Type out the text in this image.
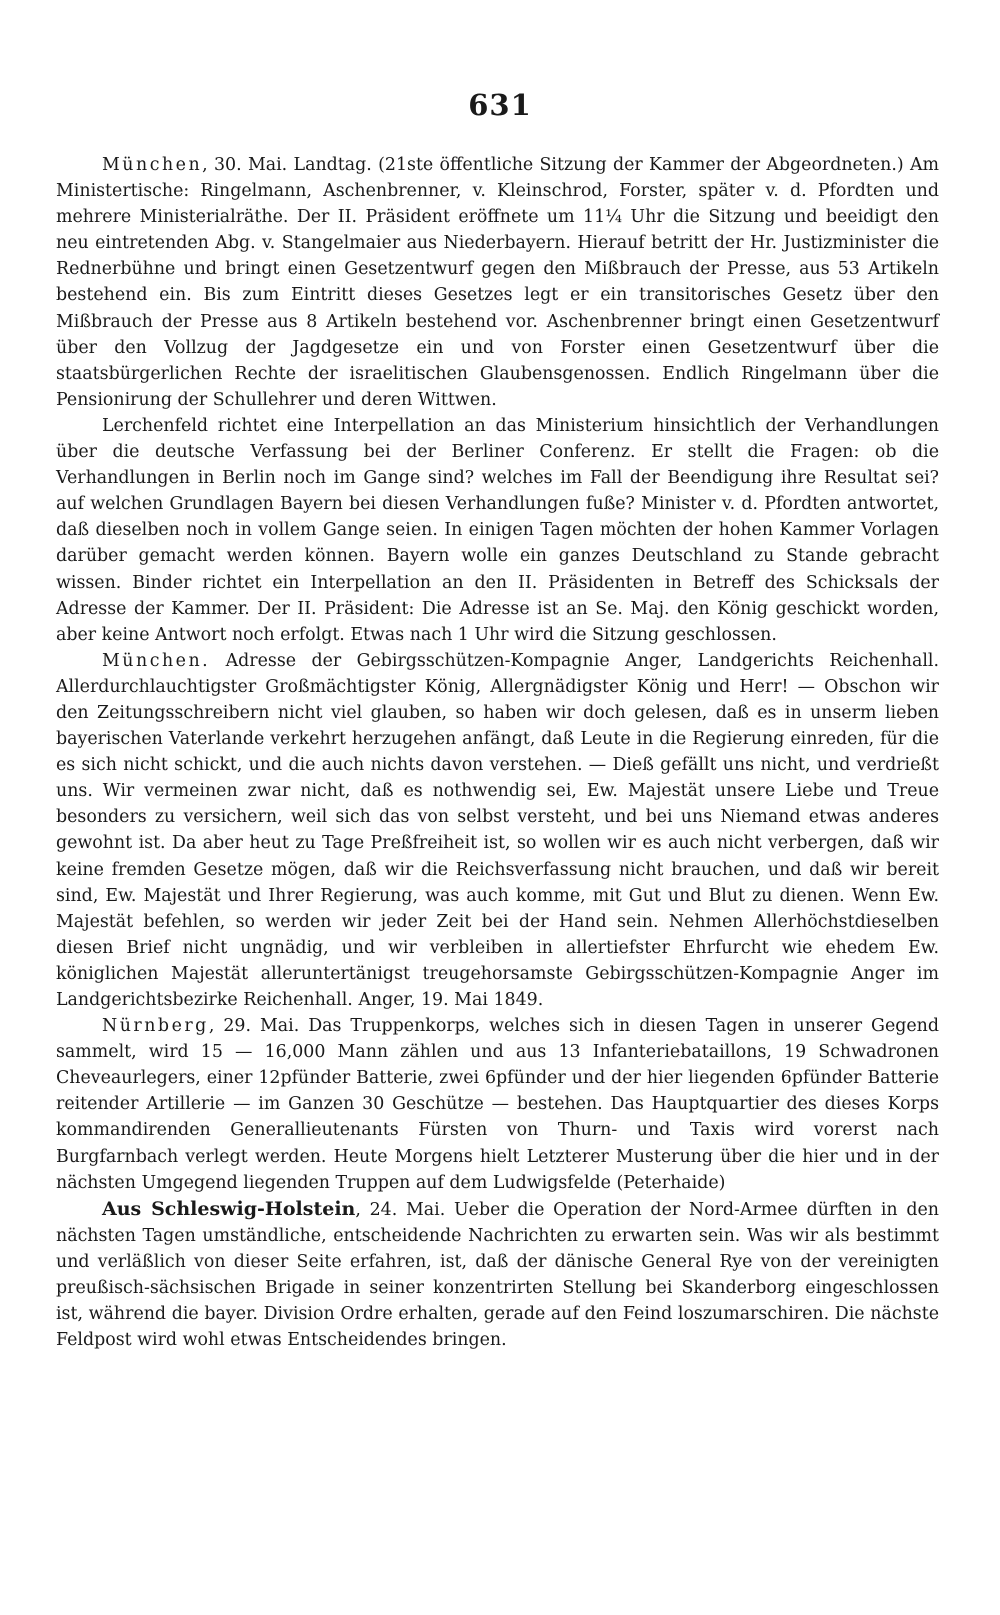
631

München, 30. Mai. Landtag. (21ste öffentliche Sitzung der Kammer der Abgeordneten.) Am Ministertische: Ringelmann, Aschenbrenner, v. Kleinschrod, Forster, später v. d. Pfordten und mehrere Ministerialräthe. Der II. Präsident eröffnete um 11¼ Uhr die Sitzung und beeidigt den neu eintretenden Abg. v. Stangelmaier aus Niederbayern. Hierauf betritt der Hr. Justizminister die Rednerbühne und bringt einen Gesetzentwurf gegen den Mißbrauch der Presse, aus 53 Artikeln bestehend ein. Bis zum Eintritt dieses Gesetzes legt er ein transitorisches Gesetz über den Mißbrauch der Presse aus 8 Artikeln bestehend vor. Aschenbrenner bringt einen Gesetzentwurf über den Vollzug der Jagdgesetze ein und von Forster einen Gesetzentwurf über die staatsbürgerlichen Rechte der israelitischen Glaubensgenossen. Endlich Ringelmann über die Pensionirung der Schullehrer und deren Wittwen.

Lerchenfeld richtet eine Interpellation an das Ministerium hinsichtlich der Verhandlungen über die deutsche Verfassung bei der Berliner Conferenz. Er stellt die Fragen: ob die Verhandlungen in Berlin noch im Gange sind? welches im Fall der Beendigung ihre Resultat sei? auf welchen Grundlagen Bayern bei diesen Verhandlungen fuße? Minister v. d. Pfordten antwortet, daß dieselben noch in vollem Gange seien. In einigen Tagen möchten der hohen Kammer Vorlagen darüber gemacht werden können. Bayern wolle ein ganzes Deutschland zu Stande gebracht wissen. Binder richtet ein Interpellation an den II. Präsidenten in Betreff des Schicksals der Adresse der Kammer. Der II. Präsident: Die Adresse ist an Se. Maj. den König geschickt worden, aber keine Antwort noch erfolgt. Etwas nach 1 Uhr wird die Sitzung geschlossen.

München. Adresse der Gebirgsschützen-Kompagnie Anger, Landgerichts Reichenhall. Allerdurchlauchtigster Großmächtigster König, Allergnädigster König und Herr! — Obschon wir den Zeitungsschreibern nicht viel glauben, so haben wir doch gelesen, daß es in unserm lieben bayerischen Vaterlande verkehrt herzugehen anfängt, daß Leute in die Regierung einreden, für die es sich nicht schickt, und die auch nichts davon verstehen. — Dieß gefällt uns nicht, und verdrießt uns. Wir vermeinen zwar nicht, daß es nothwendig sei, Ew. Majestät unsere Liebe und Treue besonders zu versichern, weil sich das von selbst versteht, und bei uns Niemand etwas anderes gewohnt ist. Da aber heut zu Tage Preßfreiheit ist, so wollen wir es auch nicht verbergen, daß wir keine fremden Gesetze mögen, daß wir die Reichsverfassung nicht brauchen, und daß wir bereit sind, Ew. Majestät und Ihrer Regierung, was auch komme, mit Gut und Blut zu dienen. Wenn Ew. Majestät befehlen, so werden wir jeder Zeit bei der Hand sein. Nehmen Allerhöchstdieselben diesen Brief nicht ungnädig, und wir verbleiben in allertiefster Ehrfurcht wie ehedem Ew. königlichen Majestät alleruntertänigst treugehorsamste Gebirgsschützen-Kompagnie Anger im Landgerichtsbezirke Reichenhall. Anger, 19. Mai 1849.

Nürnberg, 29. Mai. Das Truppenkorps, welches sich in diesen Tagen in unserer Gegend sammelt, wird 15 — 16,000 Mann zählen und aus 13 Infanteriebataillons, 19 Schwadronen Cheveaurlegers, einer 12pfünder Batterie, zwei 6pfünder und der hier liegenden 6pfünder Batterie reitender Artillerie — im Ganzen 30 Geschütze — bestehen. Das Hauptquartier des dieses Korps kommandirenden Generallieutenants Fürsten von Thurn- und Taxis wird vorerst nach Burgfarnbach verlegt werden. Heute Morgens hielt Letzterer Musterung über die hier und in der nächsten Umgegend liegenden Truppen auf dem Ludwigsfelde (Peterhaide)

Aus Schleswig-Holstein, 24. Mai. Ueber die Operation der Nord-Armee dürften in den nächsten Tagen umständliche, entscheidende Nachrichten zu erwarten sein. Was wir als bestimmt und verläßlich von dieser Seite erfahren, ist, daß der dänische General Rye von der vereinigten preußisch-sächsischen Brigade in seiner konzentrirten Stellung bei Skanderborg eingeschlossen ist, während die bayer. Division Ordre erhalten, gerade auf den Feind loszumarschiren. Die nächste Feldpost wird wohl etwas Entscheidendes bringen.
